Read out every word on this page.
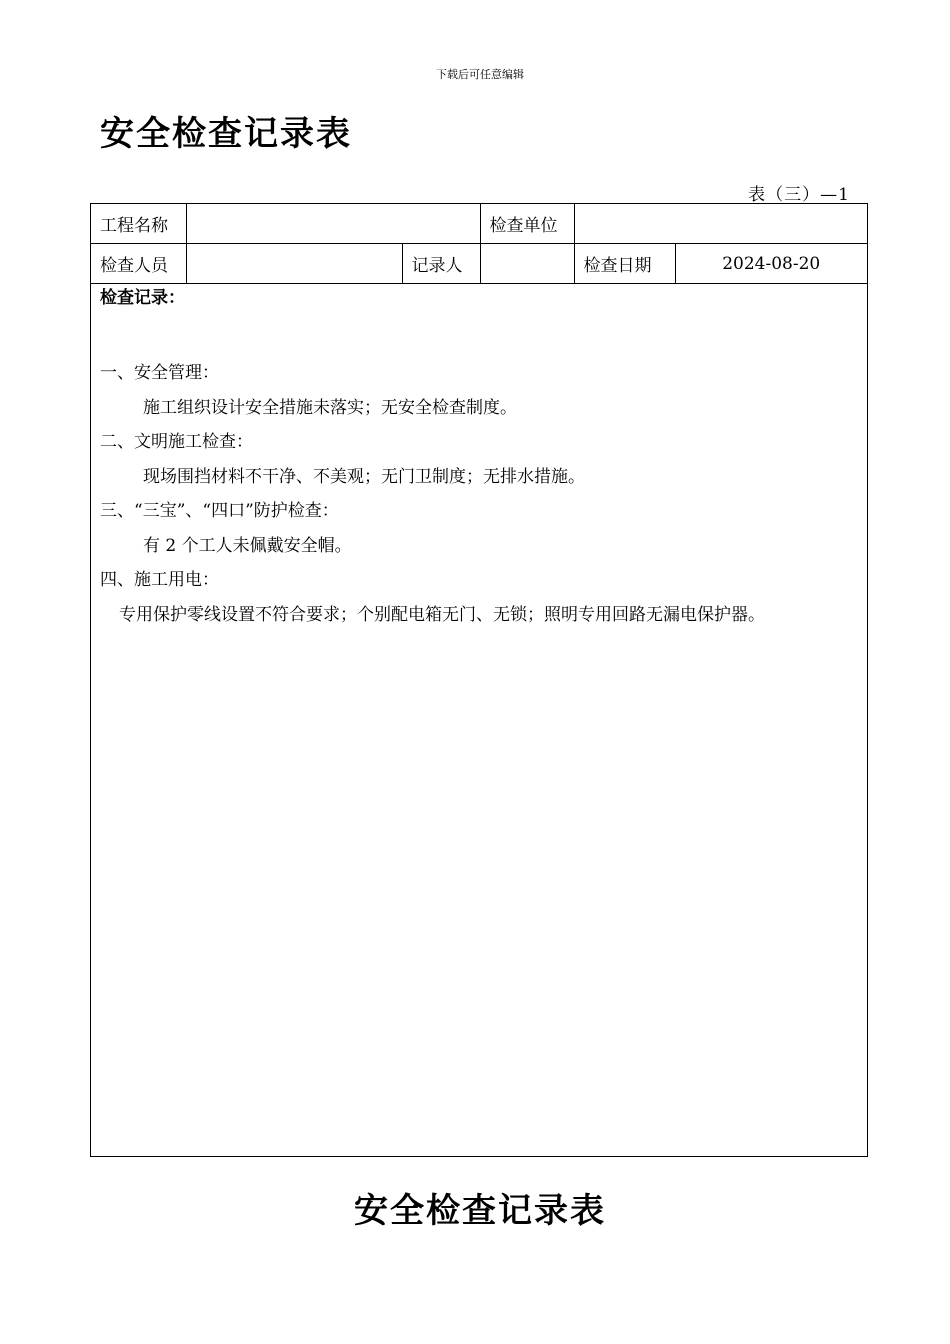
下载后可任意编辑
安全检查记录表
表（三）—1
工程名称			检查单位		
检查人员		记录人		检查日期	2024-08-20
检查记录：

一、安全管理：

施工组织设计安全措施未落实；无安全检查制度。

二、文明施工检查：

现场围挡材料不干净、不美观；无门卫制度；无排水措施。

三、“三宝”、“四口”防护检查：

有 2 个工人未佩戴安全帽。

四、施工用电：

专用保护零线设置不符合要求；个别配电箱无门、无锁；照明专用回路无漏电保护器。

安全检查记录表
